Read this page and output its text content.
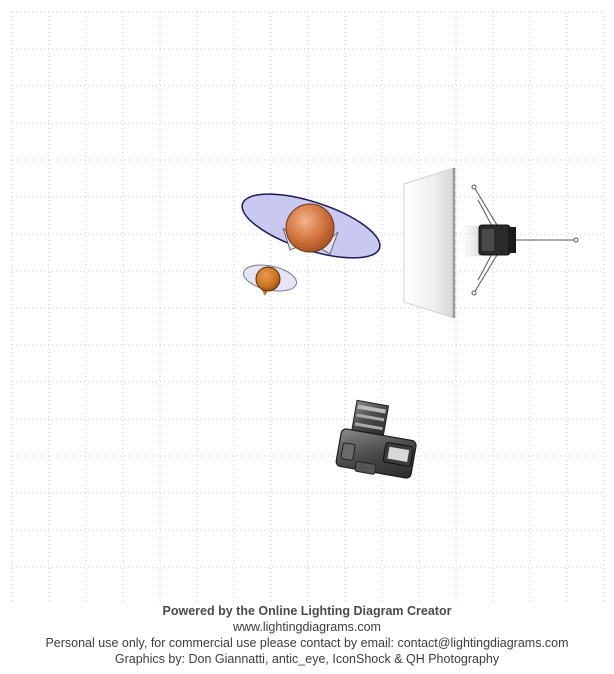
Powered by the Online Lighting Diagram Creator
www.lightingdiagrams.com
Personal use only, for commercial use please contact by email: contact@lightingdiagrams.com
Graphics by: Don Giannatti, antic_eye, IconShock & QH Photography
